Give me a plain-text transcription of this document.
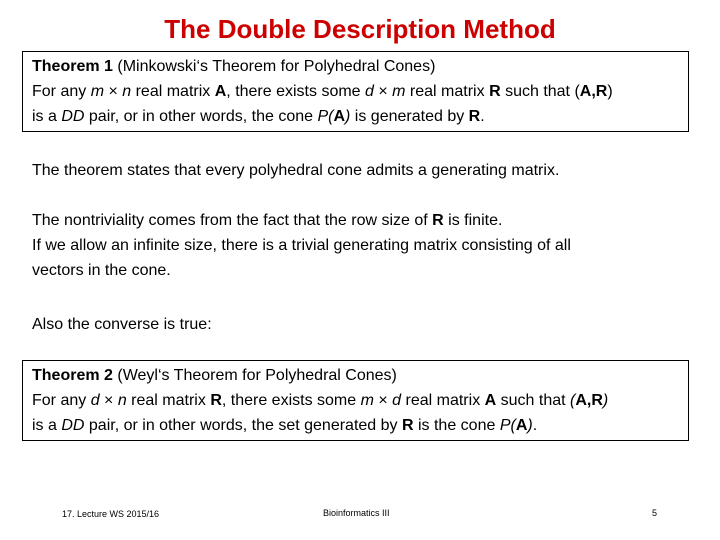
The Double Description Method
Theorem 1 (Minkowski‘s Theorem for Polyhedral Cones)
For any m × n real matrix A, there exists some d × m real matrix R such that (A,R)
is a DD pair, or in other words, the cone P(A) is generated by R.
The theorem states that every polyhedral cone admits a generating matrix.
The nontriviality comes from the fact that the row size of R is finite.
If we allow an infinite size, there is a trivial generating matrix consisting of all
vectors in the cone.
Also the converse is true:
Theorem 2 (Weyl‘s Theorem for Polyhedral Cones)
For any d × n real matrix R, there exists some m × d real matrix A such that (A,R)
is a DD pair, or in other words, the set generated by R is the cone P(A).
17. Lecture WS 2015/16	Bioinformatics III	5
